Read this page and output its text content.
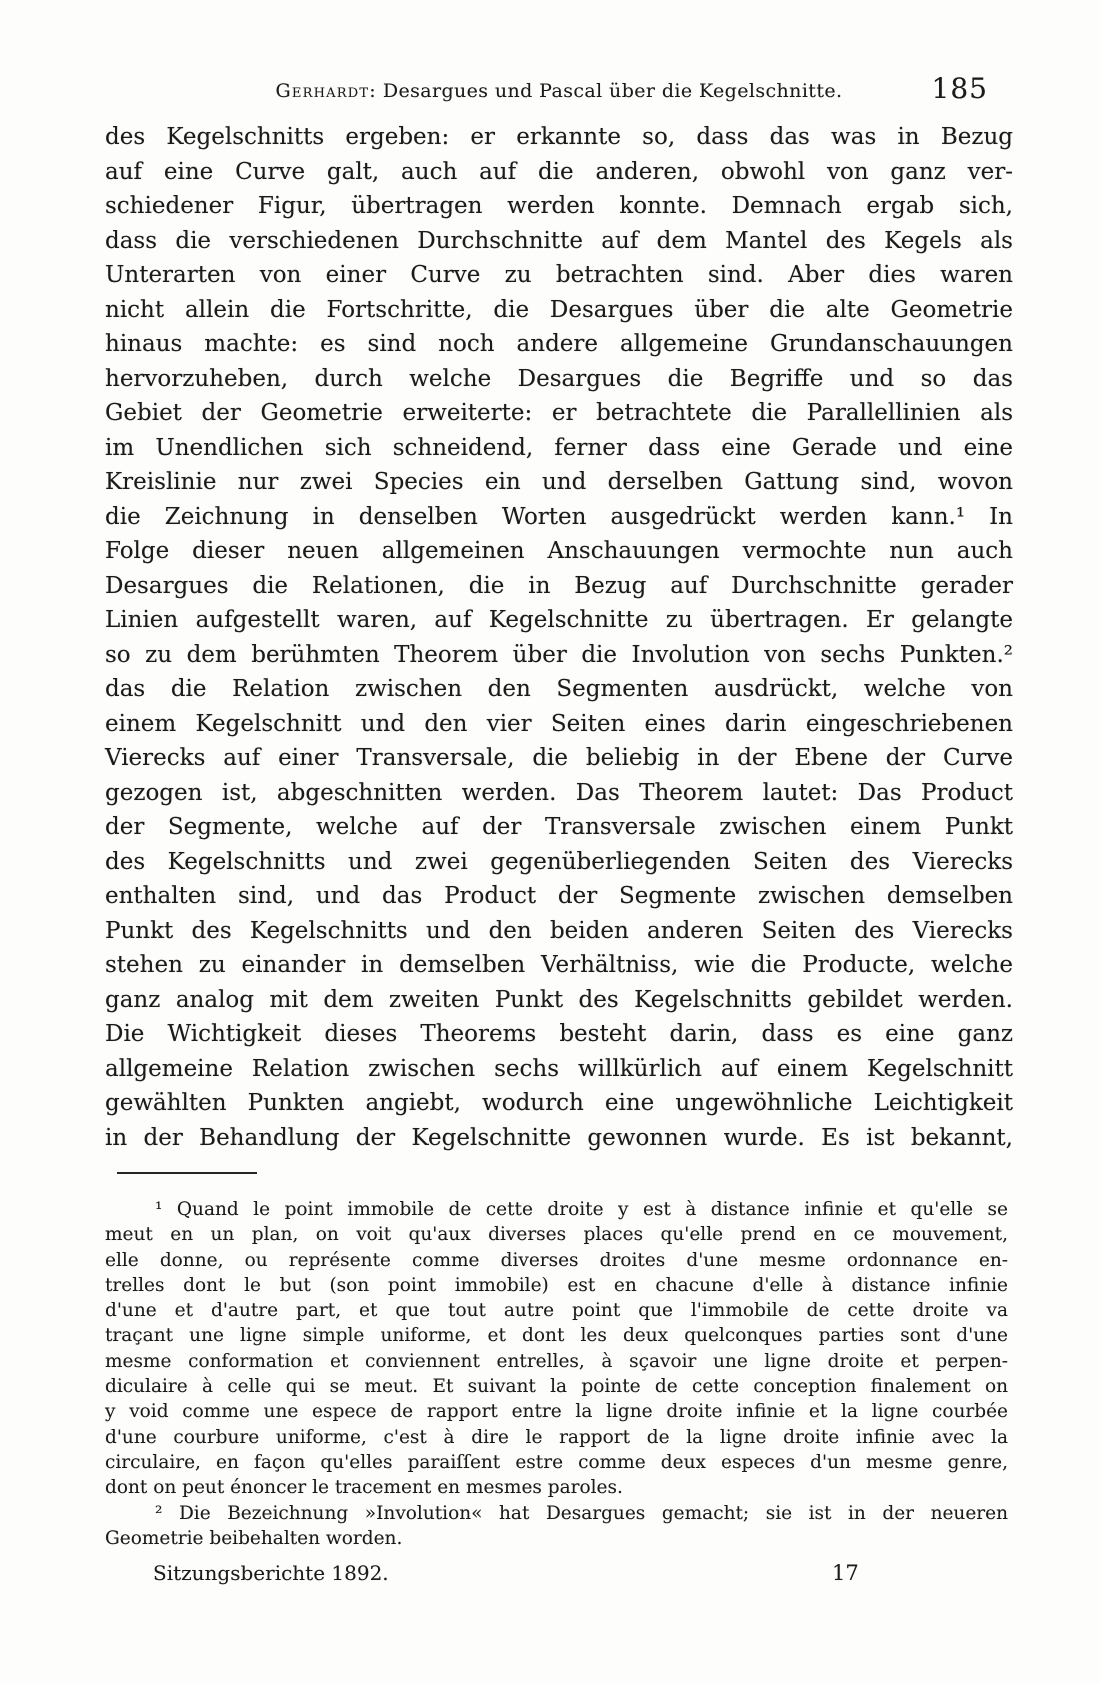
Gerhardt: Desargues und Pascal über die Kegelschnitte.	185
des Kegelschnitts ergeben: er erkannte so, dass das was in Bezug
auf eine Curve galt, auch auf die anderen, obwohl von ganz ver-
schiedener Figur, übertragen werden konnte. Demnach ergab sich,
dass die verschiedenen Durchschnitte auf dem Mantel des Kegels als
Unterarten von einer Curve zu betrachten sind. Aber dies waren
nicht allein die Fortschritte, die Desargues über die alte Geometrie
hinaus machte: es sind noch andere allgemeine Grundanschauungen
hervorzuheben, durch welche Desargues die Begriffe und so das
Gebiet der Geometrie erweiterte: er betrachtete die Parallellinien als
im Unendlichen sich schneidend, ferner dass eine Gerade und eine
Kreislinie nur zwei Species ein und derselben Gattung sind, wovon
die Zeichnung in denselben Worten ausgedrückt werden kann.¹ In
Folge dieser neuen allgemeinen Anschauungen vermochte nun auch
Desargues die Relationen, die in Bezug auf Durchschnitte gerader
Linien aufgestellt waren, auf Kegelschnitte zu übertragen. Er gelangte
so zu dem berühmten Theorem über die Involution von sechs Punkten.²
das die Relation zwischen den Segmenten ausdrückt, welche von
einem Kegelschnitt und den vier Seiten eines darin eingeschriebenen
Vierecks auf einer Transversale, die beliebig in der Ebene der Curve
gezogen ist, abgeschnitten werden. Das Theorem lautet: Das Product
der Segmente, welche auf der Transversale zwischen einem Punkt
des Kegelschnitts und zwei gegenüberliegenden Seiten des Vierecks
enthalten sind, und das Product der Segmente zwischen demselben
Punkt des Kegelschnitts und den beiden anderen Seiten des Vierecks
stehen zu einander in demselben Verhältniss, wie die Producte, welche
ganz analog mit dem zweiten Punkt des Kegelschnitts gebildet werden.
Die Wichtigkeit dieses Theorems besteht darin, dass es eine ganz
allgemeine Relation zwischen sechs willkürlich auf einem Kegelschnitt
gewählten Punkten angiebt, wodurch eine ungewöhnliche Leichtigkeit
in der Behandlung der Kegelschnitte gewonnen wurde. Es ist bekannt,
¹ Quand le point immobile de cette droite y est à distance infinie et qu'elle se
meut en un plan, on voit qu'aux diverses places qu'elle prend en ce mouvement,
elle donne, ou représente comme diverses droites d'une mesme ordonnance en-
trelles dont le but (son point immobile) est en chacune d'elle à distance infinie
d'une et d'autre part, et que tout autre point que l'immobile de cette droite va
traçant une ligne simple uniforme, et dont les deux quelconques parties sont d'une
mesme conformation et conviennent entrelles, à sçavoir une ligne droite et perpen-
diculaire à celle qui se meut. Et suivant la pointe de cette conception finalement on
y void comme une espece de rapport entre la ligne droite infinie et la ligne courbée
d'une courbure uniforme, c'est à dire le rapport de la ligne droite infinie avec la
circulaire, en façon qu'elles paraiſſent estre comme deux especes d'un mesme genre,
dont on peut énoncer le tracement en mesmes paroles.
² Die Bezeichnung »Involution« hat Desargues gemacht; sie ist in der neueren
Geometrie beibehalten worden.
Sitzungsberichte 1892.	17
